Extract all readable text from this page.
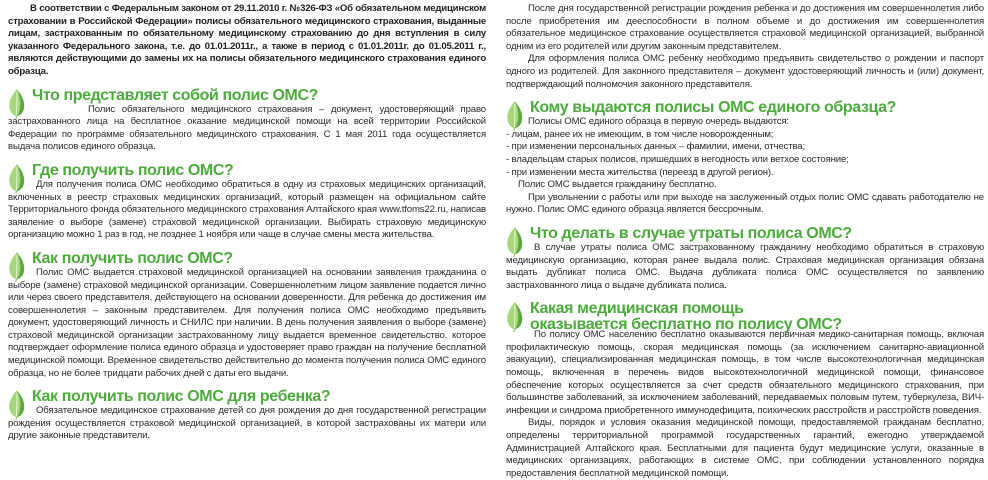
В соответствии с Федеральным законом от 29.11.2010 г. №326-ФЗ «Об обязательном медицинском страховании в Российской Федерации» полисы обязательного медицинского страхования, выданные лицам, застрахованным по обязательному медицинскому страхованию до дня вступления в силу указанного Федерального закона, т.е. до 01.01.2011г., а также в период с 01.01.2011г. до 01.05.2011 г., являются действующими до замены их на полисы обязательного медицинского страхования единого образца.

Что представляет собой полис ОМС?

Полис обязательного медицинского страхования – документ, удостоверяющий право застрахованного лица на бесплатное оказание медицинской помощи на всей территории Российской Федерации по программе обязательного медицинского страхования. С 1 мая 2011 года осуществляется выдача полисов единого образца.

Где получить полис ОМС?

Для получения полиса ОМС необходимо обратиться в одну из страховых медицинских организаций, включенных в реестр страховых медицинских организаций, который размещен на официальном сайте Территориального фонда обязательного медицинского страхования Алтайского края www.tfoms22.ru, написав заявление о выборе (замене) страховой медицинской организации. Выбирать страховую медицинскую организацию можно 1 раз в год, не позднее 1 ноября или чаще в случае смены места жительства.

Как получить полис ОМС?

Полис ОМС выдается страховой медицинской организацией на основании заявления гражданина о выборе (замене) страховой медицинской организации. Совершеннолетним лицом заявление подается лично или через своего представителя, действующего на основании доверенности. Для ребенка до достижения им совершеннолетия – законным представителем. Для получения полиса ОМС необходимо предъявить документ, удостоверяющий личность и СНИЛС при наличии. В день получения заявления о выборе (замене) страховой медицинской организации застрахованному лицу выдается временное свидетельство, которое подтверждает оформление полиса единого образца и удостоверяет право граждан на получение бесплатной медицинской помощи. Временное свидетельство действительно до момента получения полиса ОМС единого образца, но не более тридцати рабочих дней с даты его выдачи.

Как получить полис ОМС для ребенка?

Обязательное медицинское страхование детей со дня рождения до дня государственной регистрации рождения осуществляется страховой медицинской организацией, в которой застрахованы их матери или другие законные представители.

После дня государственной регистрации рождения ребенка и до достижения им совершеннолетия либо после приобретения им дееспособности в полном объеме и до достижения им совершеннолетия обязательное медицинское страхование осуществляется страховой медицинской организацией, выбранной одним из его родителей или другим законным представителем.

Для оформления полиса ОМС ребенку необходимо предъявить свидетельство о рождении и паспорт одного из родителей. Для законного представителя – документ удостоверяющий личность и (или) документ, подтверждающий полномочия законного представителя.

Кому выдаются полисы ОМС единого образца?

Полисы ОМС единого образца в первую очередь выдаются:

- лицам, ранее их не имеющим, в том числе новорожденным;

- при изменении персональных данных – фамилии, имени, отчества;

- владельцам старых полисов, пришедших в негодность или ветхое состояние;

- при изменении места жительства (переезд в другой регион).

Полис ОМС выдается гражданину бесплатно.

При увольнении с работы или при выходе на заслуженный отдых полис ОМС сдавать работодателю не нужно. Полис ОМС единого образца является бессрочным.

Что делать в случае утраты полиса ОМС?

В случае утраты полиса ОМС застрахованному гражданину необходимо обратиться в страховую медицинскую организацию, которая ранее выдала полис. Страховая медицинская организация обязана выдать дубликат полиса ОМС. Выдача дубликата полиса ОМС осуществляется по заявлению застрахованного лица о выдаче дубликата полиса.

Какая медицинская помощь
оказывается бесплатно по полису ОМС?

По полису ОМС населению бесплатно оказываются первичная медико-санитарная помощь, включая профилактическую помощь, скорая медицинская помощь (за исключением санитарно-авиационной эвакуации), специализированная медицинская помощь, в том числе высокотехнологичная медицинская помощь, включенная в перечень видов высокотехнологичной медицинской помощи, финансовое обеспечение которых осуществляется за счет средств обязательного медицинского страхования, при большинстве заболеваний, за исключением заболеваний, передаваемых половым путем, туберкулеза, ВИЧ-инфекции и синдрома приобретенного иммунодефицита, психических расстройств и расстройств поведения.

Виды, порядок и условия оказания медицинской помощи, предоставляемой гражданам бесплатно, определены территориальной программой государственных гарантий, ежегодно утверждаемой Администрацией Алтайского края. Бесплатными для пациента будут медицинские услуги, оказанные в медицинских организациях, работающих в системе ОМС, при соблюдении установленного порядка предоставления бесплатной медицинской помощи.
